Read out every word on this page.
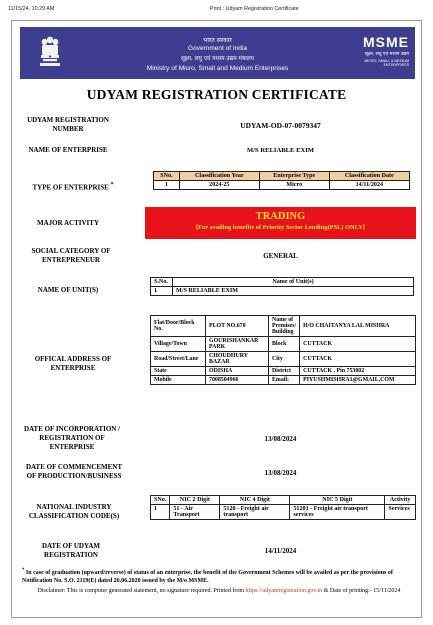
11/15/24, 10:29 AM	Print : Udyam Registration Certificate
भारत सरकार
Government of India
सूक्ष्म, लघु एवं मध्यम उद्यम मंत्रालय
Ministry of Micro, Small and Medium Enterprises
MSME
सूक्ष्म, लघु एवं मध्यम उद्यम
MICRO, SMALL & MEDIUM ENTERPRISES
UDYAM REGISTRATION CERTIFICATE
UDYAM REGISTRATION NUMBER	UDYAM-OD-07-0079347
NAME OF ENTERPRISE	M/S RELIABLE EXIM
TYPE OF ENTERPRISE *
SNo.	Classification Year	Enterprise Type	Classification Date
1	2024-25	Micro	14/11/2024
MAJOR ACTIVITY
TRADING
[For availing benefits of Priority Sector Lending(PSL) ONLY]
SOCIAL CATEGORY OF ENTREPRENEUR	GENERAL
NAME OF UNIT(S)
S.No.	Name of Unit(s)
1	M/S RELIABLE EXIM
OFFICAL ADDRESS OF ENTERPRISE
Flat/Door/Block No.	PLOT NO.670	Name of Premises/ Building	H/O CHAITANYA LAL MISHRA
Village/Town	GOURISHANKAR PARK	Block	CUTTACK
Road/Street/Lane	CHOUDHURY BAZAR	City	CUTTACK
State	ODISHA	District	CUTTACK , Pin 753002
Mobile	7008504966	Email:	PIYUSHMISHRA1@GMAIL.COM
DATE OF INCORPORATION / REGISTRATION OF ENTERPRISE
13/08/2024
DATE OF COMMENCEMENT OF PRODUCTION/BUSINESS	13/08/2024
NATIONAL INDUSTRY CLASSIFICATION CODE(S)
SNo.	NIC 2 Digit	NIC 4 Digit	NIC 5 Digit	Activity
1	51 - Air Transport	5120 - Freight air transport	51201 - Freight air transport services	Services
DATE OF UDYAM REGISTRATION	14/11/2024
* In case of graduation (upward/reverse) of status of an enterprise, the benefit of the Government Schemes will be availed as per the provisions of Notification No. S.O. 2119(E) dated 26.06.2020 issued by the M/o MSME.
Disclaimer: This is computer generated statement, no signature required. Printed from https://udyamregistration.gov.in & Date of printing:- 15/11/2024
